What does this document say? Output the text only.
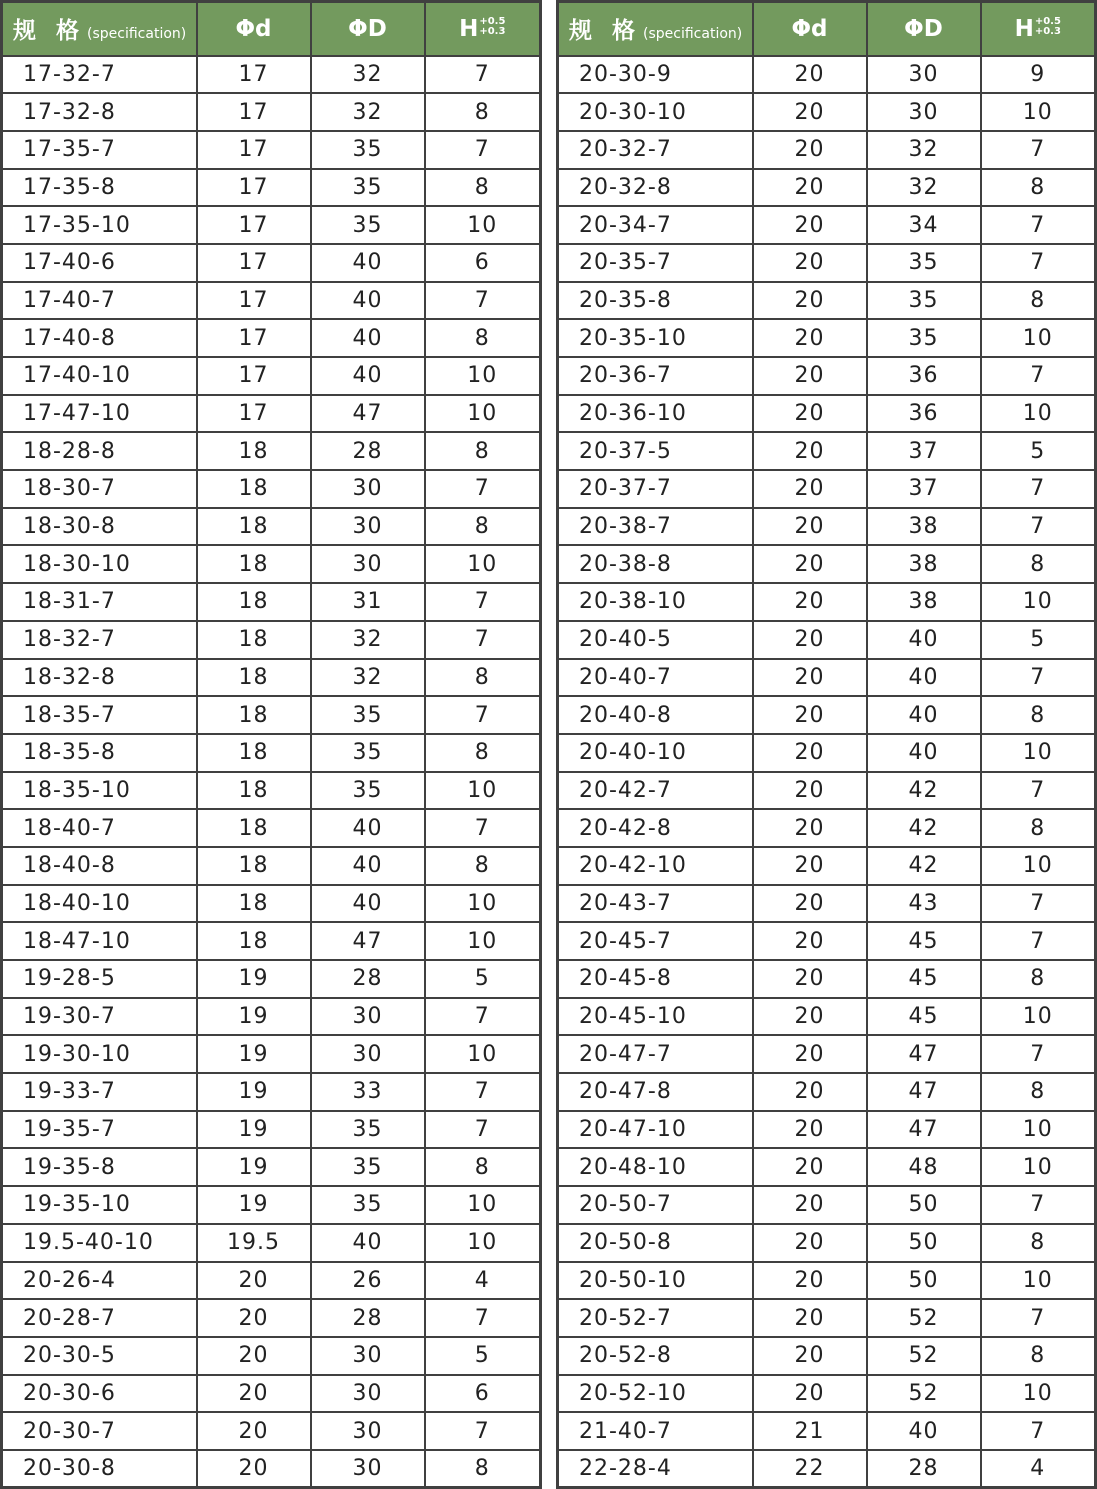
规 格 (specification)	Φd	ΦD	H+0.5
+0.3
17-32-7	17	32	7
17-32-8	17	32	8
17-35-7	17	35	7
17-35-8	17	35	8
17-35-10	17	35	10
17-40-6	17	40	6
17-40-7	17	40	7
17-40-8	17	40	8
17-40-10	17	40	10
17-47-10	17	47	10
18-28-8	18	28	8
18-30-7	18	30	7
18-30-8	18	30	8
18-30-10	18	30	10
18-31-7	18	31	7
18-32-7	18	32	7
18-32-8	18	32	8
18-35-7	18	35	7
18-35-8	18	35	8
18-35-10	18	35	10
18-40-7	18	40	7
18-40-8	18	40	8
18-40-10	18	40	10
18-47-10	18	47	10
19-28-5	19	28	5
19-30-7	19	30	7
19-30-10	19	30	10
19-33-7	19	33	7
19-35-7	19	35	7
19-35-8	19	35	8
19-35-10	19	35	10
19.5-40-10	19.5	40	10
20-26-4	20	26	4
20-28-7	20	28	7
20-30-5	20	30	5
20-30-6	20	30	6
20-30-7	20	30	7
20-30-8	20	30	8
规 格 (specification)	Φd	ΦD	H+0.5
+0.3
20-30-9	20	30	9
20-30-10	20	30	10
20-32-7	20	32	7
20-32-8	20	32	8
20-34-7	20	34	7
20-35-7	20	35	7
20-35-8	20	35	8
20-35-10	20	35	10
20-36-7	20	36	7
20-36-10	20	36	10
20-37-5	20	37	5
20-37-7	20	37	7
20-38-7	20	38	7
20-38-8	20	38	8
20-38-10	20	38	10
20-40-5	20	40	5
20-40-7	20	40	7
20-40-8	20	40	8
20-40-10	20	40	10
20-42-7	20	42	7
20-42-8	20	42	8
20-42-10	20	42	10
20-43-7	20	43	7
20-45-7	20	45	7
20-45-8	20	45	8
20-45-10	20	45	10
20-47-7	20	47	7
20-47-8	20	47	8
20-47-10	20	47	10
20-48-10	20	48	10
20-50-7	20	50	7
20-50-8	20	50	8
20-50-10	20	50	10
20-52-7	20	52	7
20-52-8	20	52	8
20-52-10	20	52	10
21-40-7	21	40	7
22-28-4	22	28	4
